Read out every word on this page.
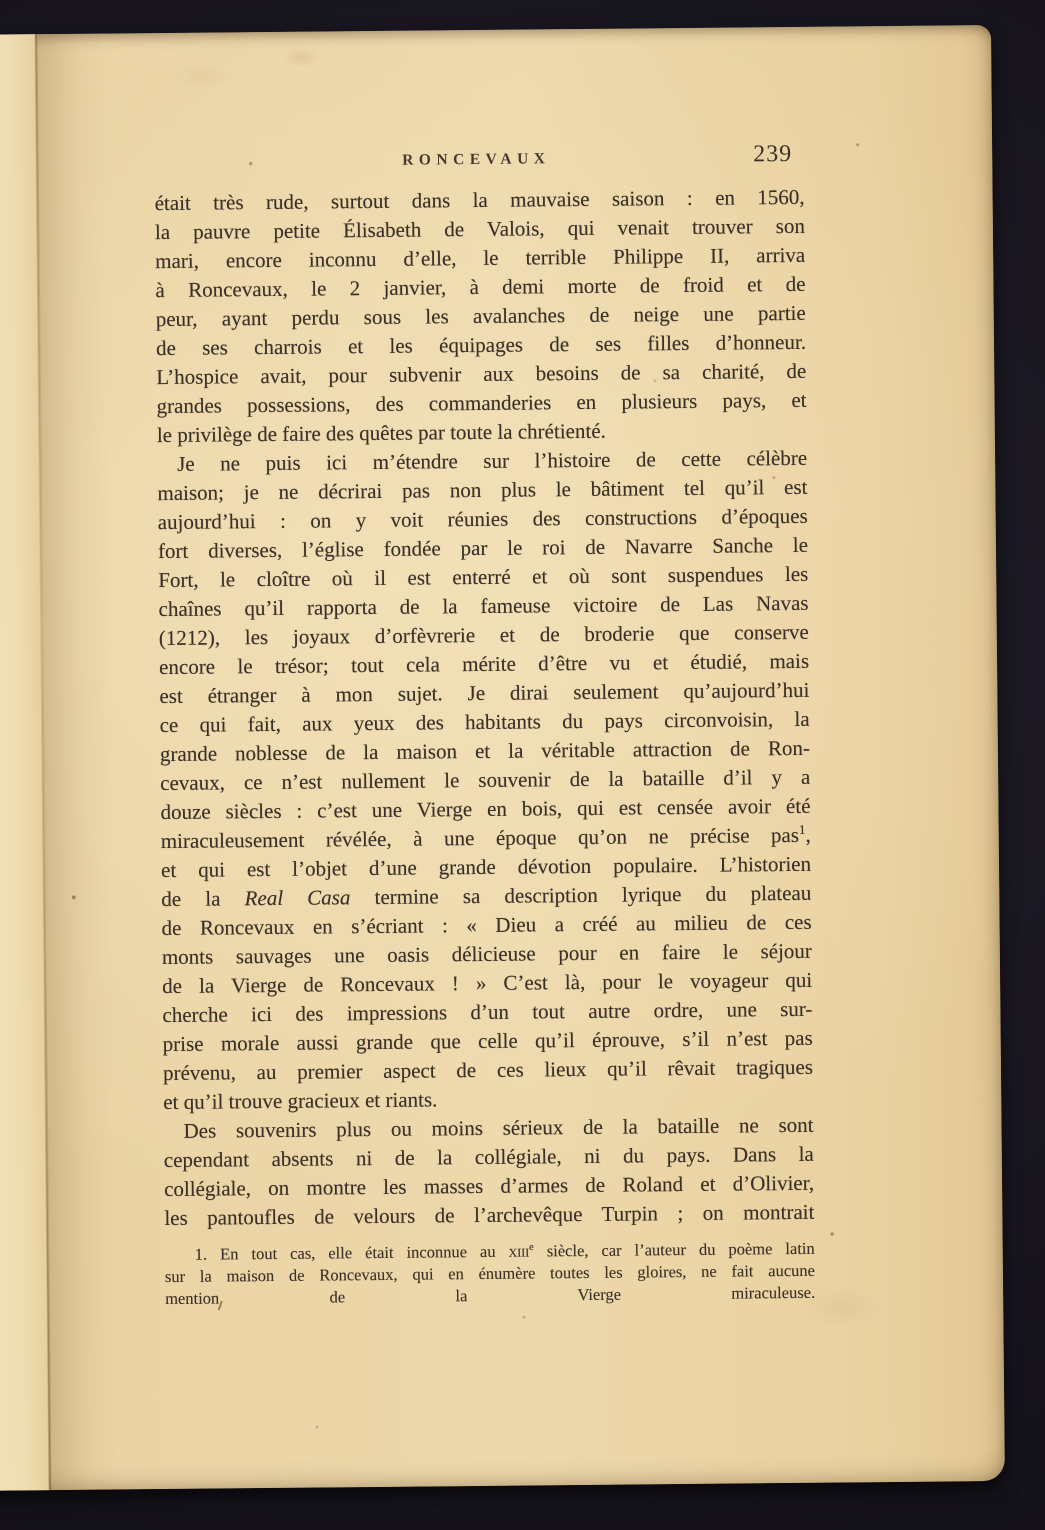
RONCEVAUX	239
était très rude, surtout dans la mauvaise saison : en 1560,
la pauvre petite Élisabeth de Valois, qui venait trouver son
mari, encore inconnu d’elle, le terrible Philippe II, arriva
à Roncevaux, le 2 janvier, à demi morte de froid et de
peur, ayant perdu sous les avalanches de neige une partie
de ses charrois et les équipages de ses filles d’honneur.
L’hospice avait, pour subvenir aux besoins de sa charité, de
grandes possessions, des commanderies en plusieurs pays, et
le privilège de faire des quêtes par toute la chrétienté.
Je ne puis ici m’étendre sur l’histoire de cette célèbre
maison; je ne décrirai pas non plus le bâtiment tel qu’il est
aujourd’hui : on y voit réunies des constructions d’époques
fort diverses, l’église fondée par le roi de Navarre Sanche le
Fort, le cloître où il est enterré et où sont suspendues les
chaînes qu’il rapporta de la fameuse victoire de Las Navas
(1212), les joyaux d’orfèvrerie et de broderie que conserve
encore le trésor; tout cela mérite d’être vu et étudié, mais
est étranger à mon sujet. Je dirai seulement qu’aujourd’hui
ce qui fait, aux yeux des habitants du pays circonvoisin, la
grande noblesse de la maison et la véritable attraction de Ron-
cevaux, ce n’est nullement le souvenir de la bataille d’il y a
douze siècles : c’est une Vierge en bois, qui est censée avoir été
miraculeusement révélée, à une époque qu’on ne précise pas$^1$,
et qui est l’objet d’une grande dévotion populaire. L’historien
de la Real Casa termine sa description lyrique du plateau
de Roncevaux en s’écriant : « Dieu a créé au milieu de ces
monts sauvages une oasis délicieuse pour en faire le séjour
de la Vierge de Roncevaux ! » C’est là, pour le voyageur qui
cherche ici des impressions d’un tout autre ordre, une sur-
prise morale aussi grande que celle qu’il éprouve, s’il n’est pas
prévenu, au premier aspect de ces lieux qu’il rêvait tragiques
et qu’il trouve gracieux et riants.
Des souvenirs plus ou moins sérieux de la bataille ne sont
cependant absents ni de la collégiale, ni du pays. Dans la
collégiale, on montre les masses d’armes de Roland et d’Olivier,
les pantoufles de velours de l’archevêque Turpin ; on montrait
1. En tout cas, elle était inconnue au xiii$^e$ siècle, car l’auteur du poème latin
sur la maison de Roncevaux, qui en énumère toutes les gloires, ne fait aucune
mention de la Vierge miraculeuse.
